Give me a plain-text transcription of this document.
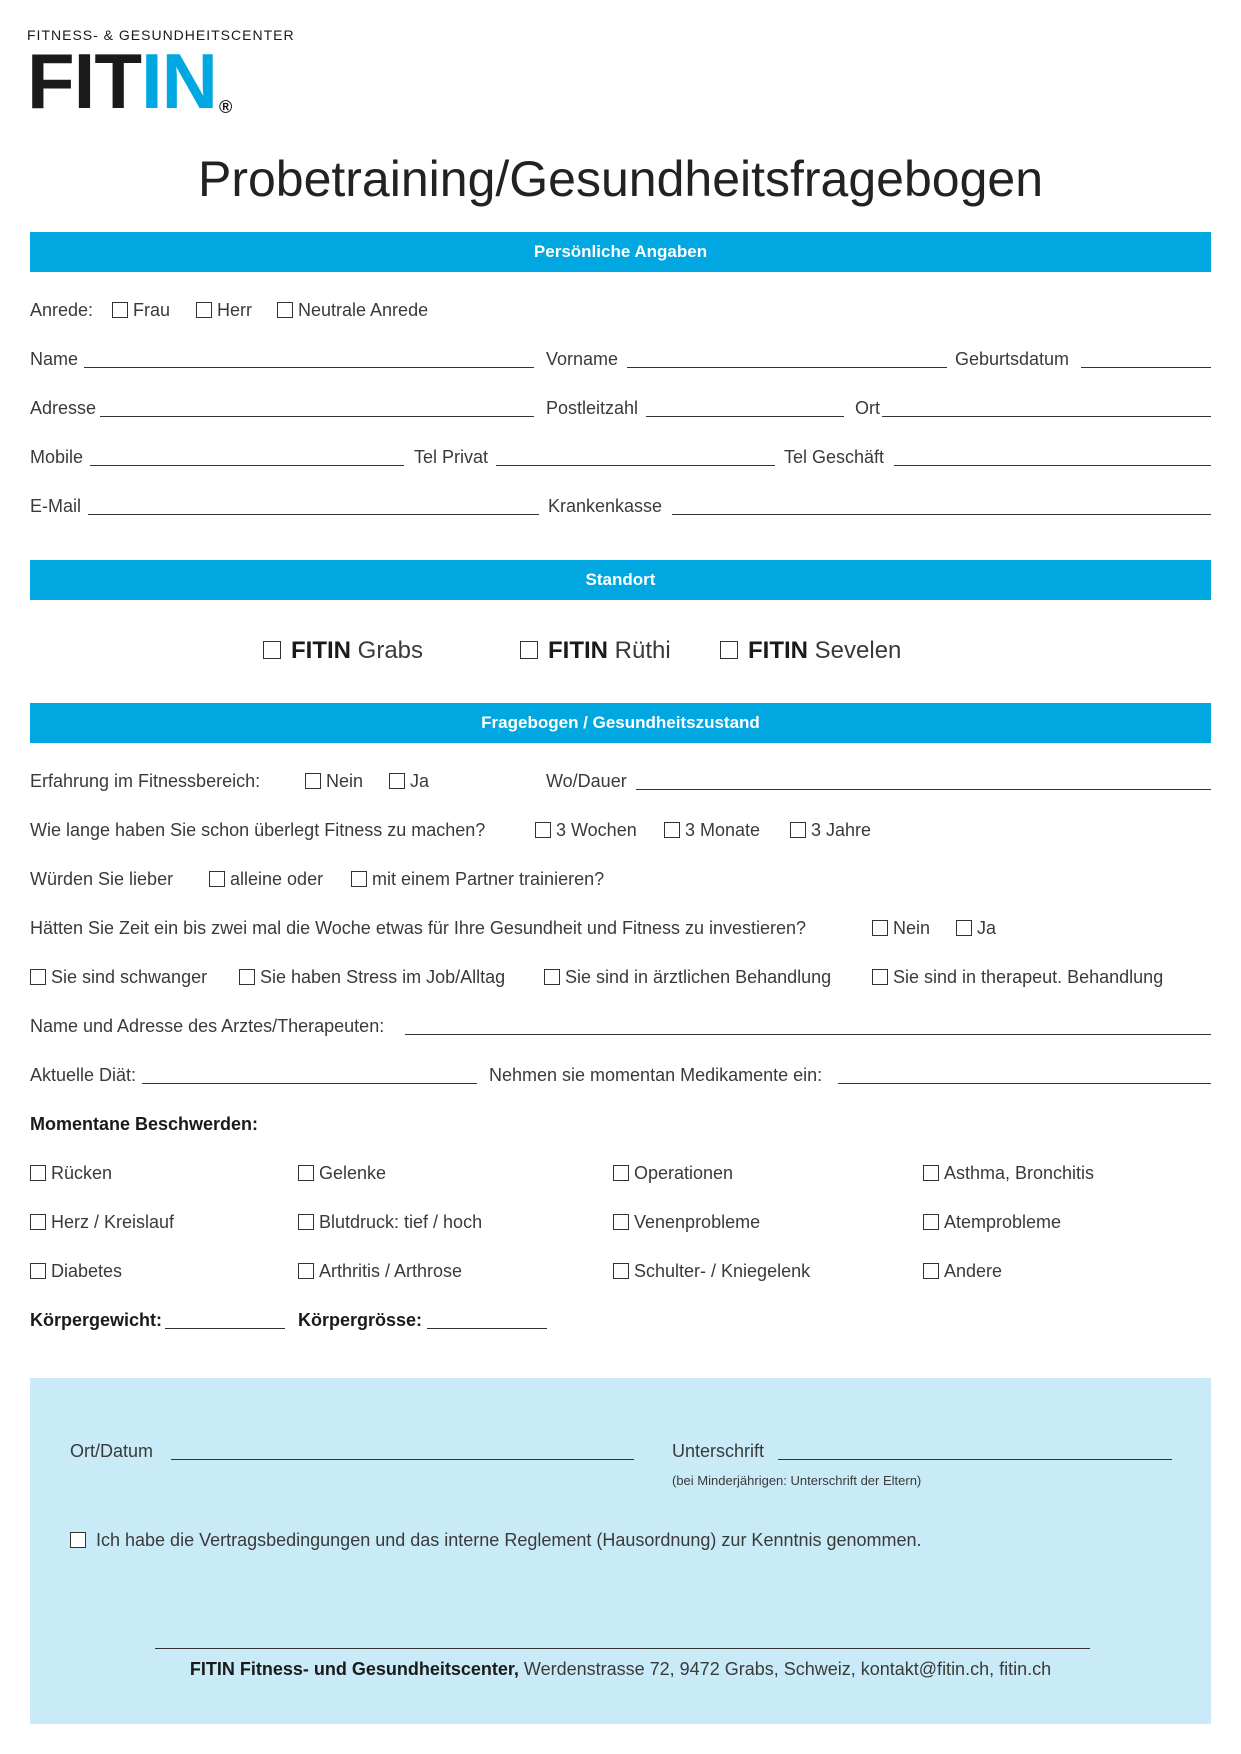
FITNESS- & GESUNDHEITSCENTER
FITIN ®
Probetraining/Gesundheitsfragebogen
Persönliche Angaben
Anrede:	Frau	Herr	Neutrale Anrede
Name	Vorname	Geburtsdatum
Adresse	Postleitzahl	Ort
Mobile	Tel Privat	Tel Geschäft
E-Mail	Krankenkasse
Standort
FITIN Grabs	FITIN Rüthi	FITIN Sevelen
Fragebogen / Gesundheitszustand
Erfahrung im Fitnessbereich:	Nein	Ja	Wo/Dauer
Wie lange haben Sie schon überlegt Fitness zu machen?	3 Wochen	3 Monate	3 Jahre
Würden Sie lieber	alleine oder	mit einem Partner trainieren?
Hätten Sie Zeit ein bis zwei mal die Woche etwas für Ihre Gesundheit und Fitness zu investieren?	Nein	Ja
Sie sind schwanger	Sie haben Stress im Job/Alltag	Sie sind in ärztlichen Behandlung	Sie sind in therapeut. Behandlung
Name und Adresse des Arztes/Therapeuten:
Aktuelle Diät:	Nehmen sie momentan Medikamente ein:
Momentane Beschwerden:
Rücken	Gelenke	Operationen	Asthma, Bronchitis
Herz / Kreislauf	Blutdruck: tief / hoch	Venenprobleme	Atemprobleme
Diabetes	Arthritis / Arthrose	Schulter- / Kniegelenk	Andere
Körpergewicht:	Körpergrösse:
Ort/Datum	Unterschrift
(bei Minderjährigen: Unterschrift der Eltern)
Ich habe die Vertragsbedingungen und das interne Reglement (Hausordnung) zur Kenntnis genommen.
FITIN Fitness- und Gesundheitscenter, Werdenstrasse 72, 9472 Grabs, Schweiz, kontakt@fitin.ch, fitin.ch
